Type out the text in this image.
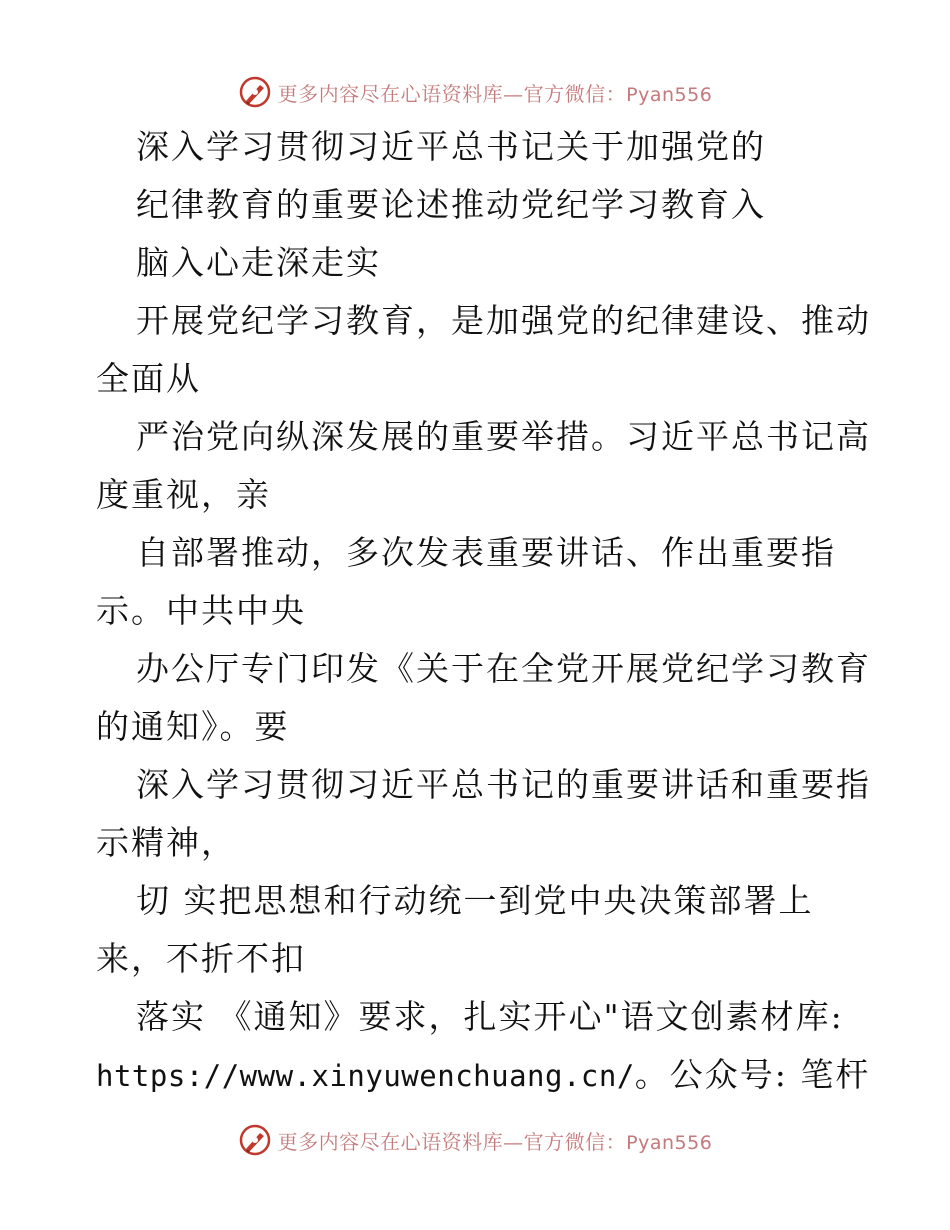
更多内容尽在心语资料库—官方微信：Pyan556
深入学习贯彻习近平总书记关于加强党的
纪律教育的重要论述推动党纪学习教育入
脑入心走深走实
开展党纪学习教育，是加强党的纪律建设、推动
全面从
严治党向纵深发展的重要举措。习近平总书记高
度重视，亲
自部署推动，多次发表重要讲话、作出重要指
示。中共中央
办公厅专门印发《关于在全党开展党纪学习教育
的通知》。要
深入学习贯彻习近平总书记的重要讲话和重要指
示精神，
切 实把思想和行动统一到党中央决策部署上
来，不折不扣
落实 《通知》要求，扎实开心"语文创素材库:
https://www.xinyuwenchuang.cn/。公众号: 笔杆
更多内容尽在心语资料库—官方微信：Pyan556
